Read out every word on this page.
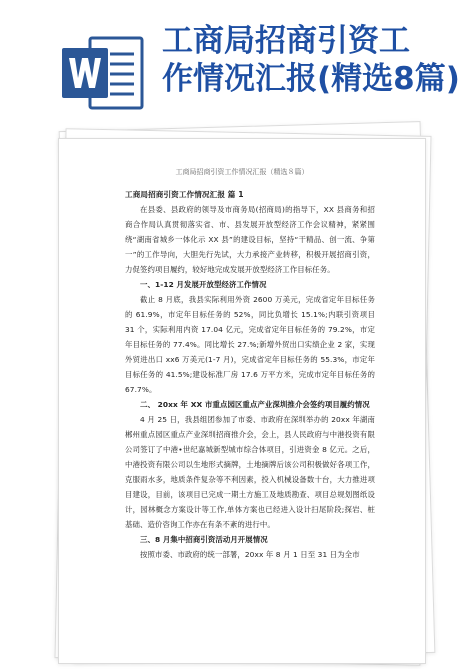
工商局招商引资工
作情况汇报(精选8篇)
工商局招商引资工作情况汇报（精选８篇）

工商局招商引资工作情况汇报 篇 1

在县委、县政府的领导及市商务局(招商局)的指导下，XX 县商务和招商合作局认真贯彻落实省、市、县发展开放型经济工作会议精神，紧紧围绕“湖南省城乡一体化示 XX 县”的建设目标，坚持“干精品、创一流、争第一”的工作导向，大胆先行先试，大力承接产业转移，积极开展招商引资，力促签约项目履约，较好地完成发展开放型经济工作目标任务。

一、1-12 月发展开放型经济工作情况

截止 8 月底，我县实际利用外资 2600 万美元，完成省定年目标任务的 61.9%，市定年目标任务的 52%，同比负增长 15.1%;内联引资项目 31 个，实际利用内资 17.04 亿元，完成省定年目标任务的 79.2%，市定年目标任务的 77.4%。同比增长 27.%;新增外贸出口实绩企业 2 家，实现外贸进出口 xx6 万美元(1-7 月)，完成省定年目标任务的 55.3%，市定年目标任务的 41.5%;建设标准厂房 17.6 万平方米，完成市定年目标任务的 67.7%。

二、 20xx 年 XX 市重点园区重点产业深圳推介会签约项目履约情况

4 月 25 日，我县组团参加了市委、市政府在深圳举办的 20xx 年湖南郴州重点园区重点产业深圳招商推介会，会上，县人民政府与中港投资有限公司签订了中港•世纪嘉城新型城市综合体项目，引进资金 8 亿元。之后，中港投资有限公司以生地形式摘牌，土地摘牌后该公司积极做好各项工作，克服雨水多，地质条件复杂等不利因素，投入机械设备数十台，大力推进项目建设，目前，该项目已完成一期土方施工及地质勘查、项目总规划图纸设计，园林概念方案设计等工作,单体方案也已经进入设计扫尾阶段;探岩、桩基础、造价咨询工作亦在有条不紊的进行中。

三、8 月集中招商引资活动月开展情况

按照市委、市政府的统一部署，20xx 年 8 月 1 日至 31 日为全市
